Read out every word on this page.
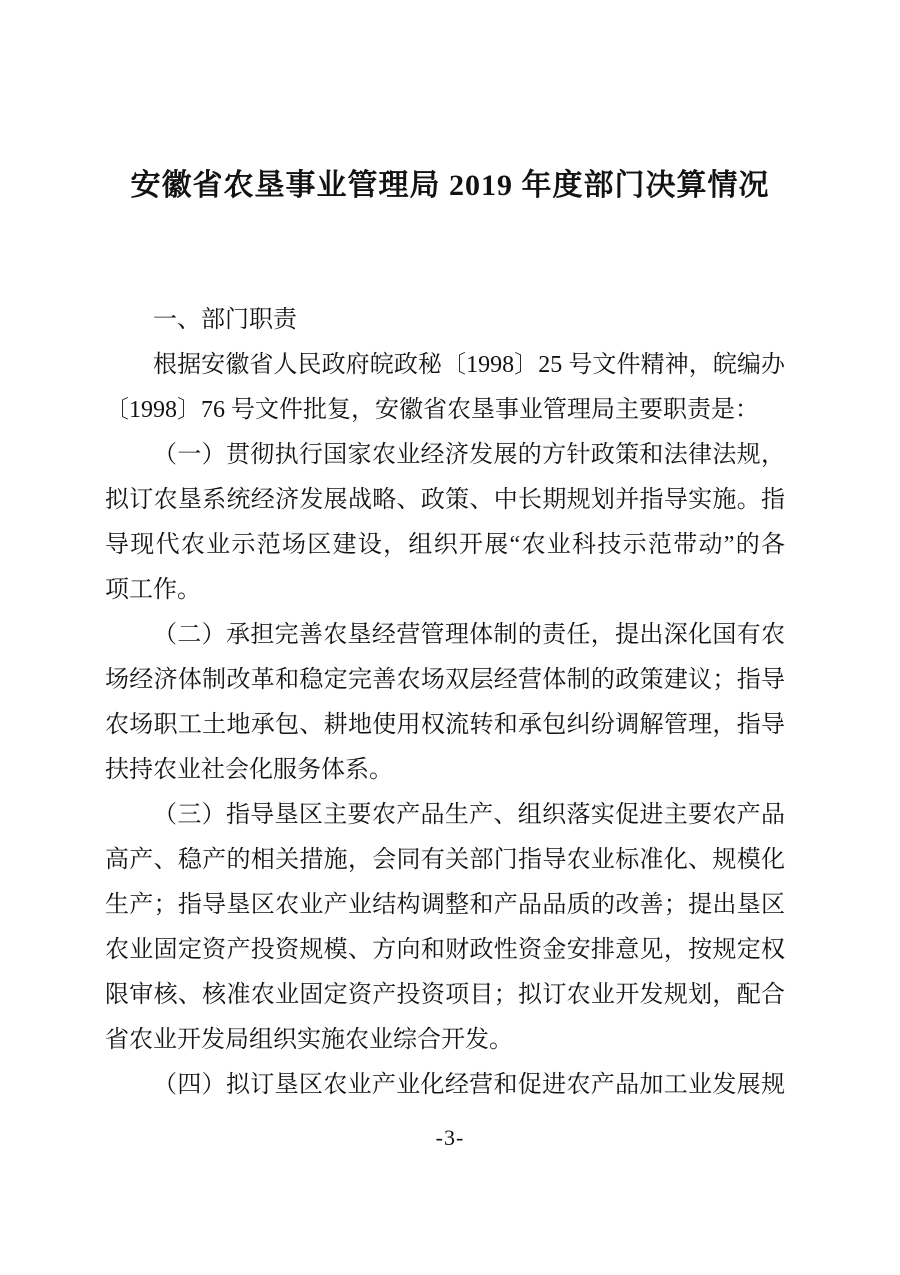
安徽省农垦事业管理局 2019 年度部门决算情况
一、部门职责
根据安徽省人民政府皖政秘〔1998〕25 号文件精神，皖编办
〔1998〕76 号文件批复，安徽省农垦事业管理局主要职责是：
（一）贯彻执行国家农业经济发展的方针政策和法律法规，
拟订农垦系统经济发展战略、政策、中长期规划并指导实施。指
导现代农业示范场区建设，组织开展“农业科技示范带动”的各
项工作。
（二）承担完善农垦经营管理体制的责任，提出深化国有农
场经济体制改革和稳定完善农场双层经营体制的政策建议；指导
农场职工土地承包、耕地使用权流转和承包纠纷调解管理，指导
扶持农业社会化服务体系。
（三）指导垦区主要农产品生产、组织落实促进主要农产品
高产、稳产的相关措施，会同有关部门指导农业标准化、规模化
生产；指导垦区农业产业结构调整和产品品质的改善；提出垦区
农业固定资产投资规模、方向和财政性资金安排意见，按规定权
限审核、核准农业固定资产投资项目；拟订农业开发规划，配合
省农业开发局组织实施农业综合开发。
（四）拟订垦区农业产业化经营和促进农产品加工业发展规
-3-
